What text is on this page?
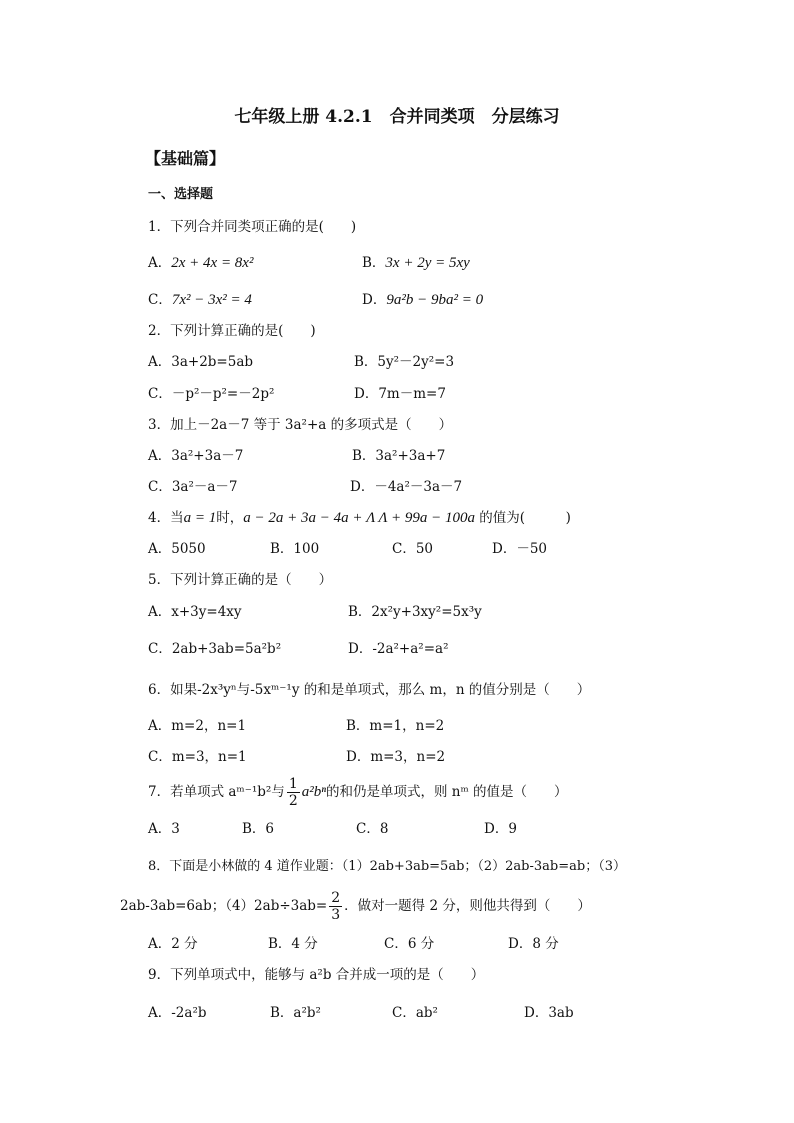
七年级上册 4.2.1　合并同类项　分层练习
【基础篇】
一、选择题
1．下列合并同类项正确的是(　　)
A．2x + 4x = 8x²	B．3x + 2y = 5xy
C．7x² − 3x² = 4	D．9a²b − 9ba² = 0
2．下列计算正确的是(　　)
A．3a+2b=5ab	B．5y²－2y²=3
C．－p²－p²=－2p²	D．7m－m=7
3．加上－2a－7 等于 3a²+a 的多项式是（　　）
A．3a²+3a－7	B．3a²+3a+7
C．3a²－a－7	D．－4a²－3a－7
4．当a = 1时，a − 2a + 3a − 4a + Λ Λ + 99a − 100a 的值为(　　　)
A．5050	B．100	C．50	D．－50
5．下列计算正确的是（　　）
A．x+3y=4xy	B．2x²y+3xy²=5x³y
C．2ab+3ab=5a²b²	D．-2a²+a²=a²
6．如果-2x³yⁿ与-5xᵐ⁻¹y 的和是单项式，那么 m，n 的值分别是（　　）
A．m=2，n=1	B．m=1，n=2
C．m=3，n=1	D．m=3，n=2
7．若单项式 aᵐ⁻¹b²与 $\frac{1}{2} a^2b^n$的和仍是单项式，则 nᵐ 的值是（　　）
A．3	B．6	C．8	D．9
8．下面是小林做的 4 道作业题：（1）2ab+3ab=5ab；（2）2ab-3ab=ab；（3）
2ab-3ab=6ab；$(4)2ab\div 3ab= \frac{2}{3}$ ．做对一题得 2 分，则他共得到（　　）
A．2 分	B．4 分	C．6 分	D．8 分
9．下列单项式中，能够与 a²b 合并成一项的是（　　）
A．-2a²b	B．a²b²	C．ab²	D．3ab
